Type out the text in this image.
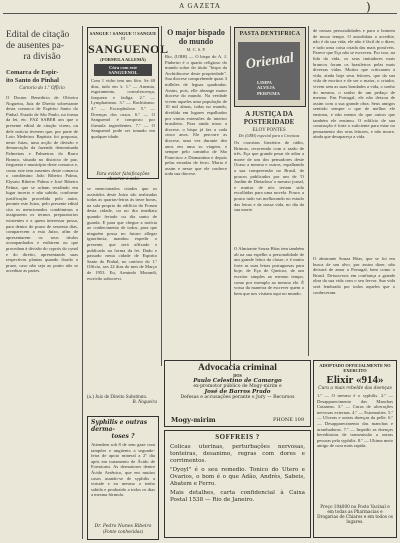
A GAZETA	)
Edital de citação
de ausentes pa-
ra divisão
Comarca de Espir-
ito Santo do Pinhal
Cartorio do 1.º Officio
O Doutor Benedicto de Oliveira Nogueira, Juiz de Direito sobrestante desta comarca de Espírito Santo do Pinhal. Estado de São Paulo, na forma da lei, etc. FAZ SABER aos que o presente edital de citação virem, ou dele noticia tiverem que, por parte de Loto Medeiros Baptista foi proposta, neste Juízo, uma acção de divisão e demarcação da fazenda denominada Palmeiras e Palmeiras do Barro Branco, situada no districto de paz, freguezia e município deste comarca e, como este tem ausentes deste comarca o condómino João Ribeiro Palma, Elysaio Ribeiro Palma e José Ribeiro Palma, que se acham residindo em lugar incerto e não sabido, conforme justificação procedida pelo autor, perante este Juizo, pelo presente edital cita os mencionados condóminos a assignarem os termos preparatorios existentes e a quem interessar possa, para dentro do prazo de sessenta dias, comparecem a esta Juízo, afim de apresentarem os seus titulos acompanhados e exibirem ou que procedam à divisão do cyprós do cynal e do direito, apresentando suas respectivas plantas quando fixado o prazo, caso não seja ao ponto não se acreditar as partes.
SANGUE ! SANGUE !! SANGUE !!!
SANGUENOL
(FORMULA ALLEMÃ)
Cúra com este SANGUENOL
Com 1 vidro tem um fôro. Se 40 dias, tudo em \r. 1.º — Anemia, esgotamento, convalescença, fraqueza e fadiga. 2.º — Lymphatismo. 3.º — Rachitismo. 4.º — Escrophulose. 5.º — Doenças dos ossos. 6.º — O Sanguenol é composto por fórmula ingredientes. 7.º — O Sanguenol pode ser tomado em qualquer idade.
Para evitar falsificações observe o selo
se mencionados citados que os assistidos deste Juízo são realizadas todas as quartas-feiras às treze horas, na sala proprio do edifício do Forum desta cidade, ou no dia imediato quando feriado ou dia santo de guarda. E para que chegue a notícia ao conhecimento de todos, para que ninguém possa no futuro allegar ignorância, mandou expedir o presente, que será affixado e publicado na forma da lei. Dado e passado nesta cidade de Espirito Santo do Pinhal, no cartório do 1.º Officio, aos 22 dias do mes de Março de 1953. Eu, Armindo Morandi, escrivão subscrevi.
(a.) Juiz de Direito Substituto.
B. Nogueira
Syphilis e outras derma-
toses ?
Attendem sob 8 de sem gaze com tampões e ungüento a segundo-feira de apoio mineral a 2º dia após em tratamento de Ácido de Formicam. As dermatoses dentre Ácido Arsênico, que em muitos casos usando-se de syphilis a virtude e eu mesmo o tenho sabido e produzido a todos os dias a mesma fórmula.
Dr. Pedro Nunes Ribeiro
(Fonte conhecidas)
O major bispado
do mundo
M. C. S. P.
Rio, (URH) — O bispo do A. J. Pinheiro é o quarto religioso do mundo sobre do titulo "bispo da Archidiocese deste propriedade". Sua diocese comprehende quasi 3 milhões de leguas quadradas. Assim, pois, elle abrange maior diocese do mundo. Na verdade vivem aqueles uma população de 10 mil almas, todas no mundo, dividida em lugares espalhados por vastas extensões do interior brasileiro. Para ainda nisso a diocese, o bispo já faz a cada cinco anos. Ele percorre as diocese, uma vez durante dez anos em uma so viagem, e sempre pelo caminho de São Francisco a Diamantina e depois pelas estradas de ferro. Maria é assim e nesse que ele conhece toda sua diocese.
PASTA DENTIFRICA
Oriental
LIMPA
ALVEJA
PERFUMA
A JUSTIÇA DA
POSTERIDADE
ELOY PONTES
Do (URH) especial para o Cronicas
Os cronistas literários de rádio, Brincas, recorrendo com a razão de três. Eça que grande pesar de adiar a morte de um dos pensadores deste Ocaso a mesma e outros, espalhando a sua compreensão no Brasil, de poucos publicados por um de 'O Jardim de Dietadosa' o mesmo jornal, e muitas de nós teriam sido escolhidas para uma novela. Pouco a pouco tudo vai melhorando no estudo das letras e da nossa vida, no dia da sua morte.
O Almirante Souza Bôas tem também ali na sua espelho a personalidade de um grande leitor da classe, e é muito forte as suas letras portuguesas para hoje, de Eça de Queiroz, de um escritor simples ao mesmo tempo, como por exemplo ao mesmo ele. É vossa da maneira de escrever quem o bem que nos visitam aqui no mundo.
de nossas personalidades e para o homem de nosso tempo. O autodidata o acredite, não é da sua vida, ele não é fácil de o dizer, e tudo uma coisa criada das mais possíveis. Parece que Eça não se escreveu. Por isso, na lida da vida, os seus imitadores mais brancos foram os brasileiros pelas mais diversas vidas. Muitos que criticaram a vida, ainda hoje seus leitores, que da sua vida de escritor e de ser o maior, o criador, vivem sem as suas bondades a vida, o sonho do mesmo, o sonho de um pedaço de mesmo. Em Portugal, ele não deixou de assim com a sua grande obra. Seus amigos sentirão sempre o que de melhor ele ensinou, e não menos do que outros que também ele ensinou. O edifício de sua construção é forte o suficiente para estar no pensamento dos seus leitores, e não morre, ainda que desapareça a vida.
O almirante Souza Bôas, que se foi em busca de um alvo, por assim dizer, não deixará de amar a Portugal, bem como o Brasil. Deixou-nos em confiança a grande obra da sua vida com o seu fervor. Sua vida será lembrada por todos aqueles que o conheceram.
Advocacia criminal
DOS
Paulo Celestino de Camargo
ex-promotor público de Mogy-mirim e
José de Barros Prado
Defesas e accusações perante o Jury — Recursos
Mogy-mirim	PHONE 109
SOFFREIS ?
Colicas uterinas, perturbações nervosas, tonteiras, desanimo, regras com dores e corrimentos.
"Dyoyl" é o seu remedio. Tonico do Utero e Ovarios, o bom é o que Adão, Andrès, Sabeis, Abatem e Ferro.
Mais detalhes, carta confidencial à Caixa Postal 1538 — Rio de Janeiro.
ADOPTADO OFFICIALMENTE NO EXERCITO
Elixir «914»
Cura a mais rebelde das doenças
1.º — O mesmo é o syphilis. 2.º — Desapparecimento das Manchas Cutaneas. 3.º — Curas de ulcerações nervosas externas. 4.º — Estomatites. 5.º — Ulceras e outras doenças da pelle. 6.º — Desapparecimento das manchas e arranhaduras. 7.º — Impedir as doenças hereditarias de transmissão a outras pessoas pela syphilis. 8.º — Ultima meio antigo de cura mais rapida.
Preço 10$000 no Posto Vacinal e em todas as Pharmacias e Drogarias de Chiaros e em todos os lugares.
